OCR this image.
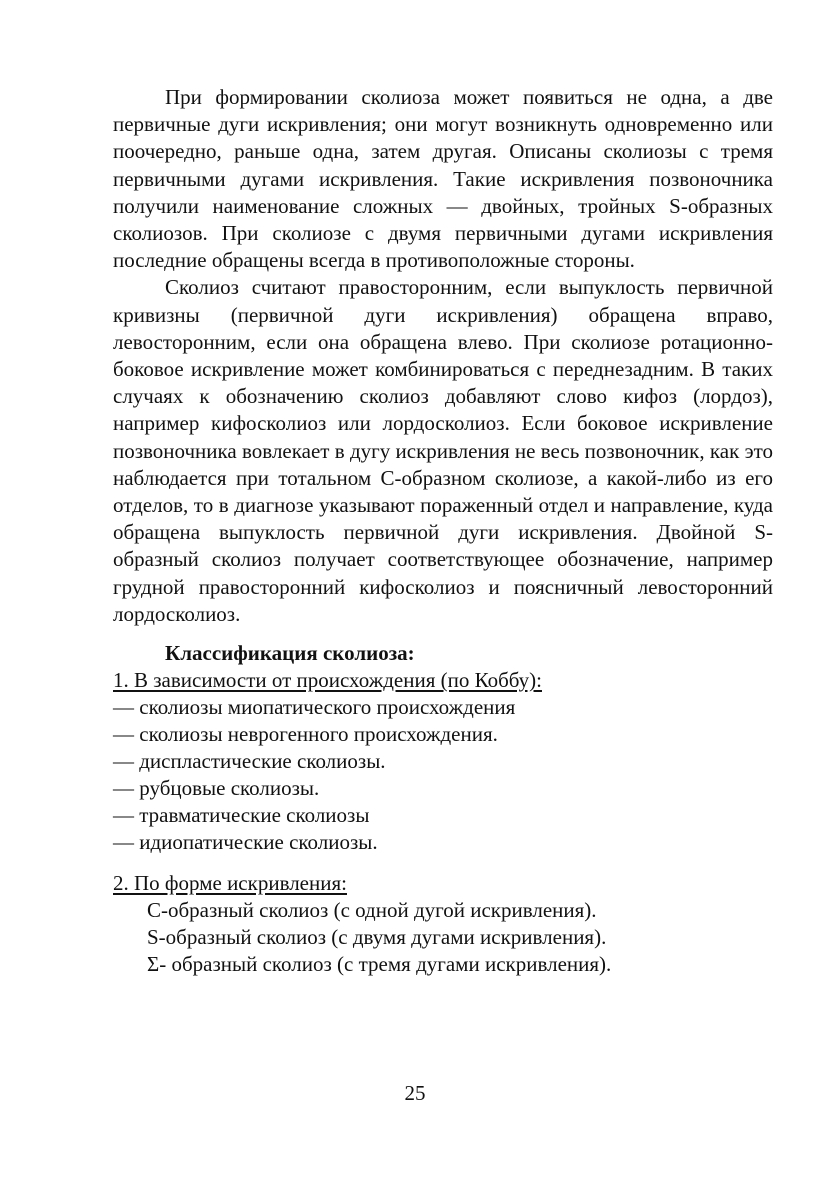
При формировании сколиоза может появиться не одна, а две первичные дуги искривления; они могут возникнуть одновременно или поочередно, раньше одна, затем другая. Описаны сколиозы с тремя первичными дугами искривления. Такие искривления позвоночника получили наименование сложных — двойных, тройных S-образных сколиозов. При сколиозе с двумя первичными дугами искривления последние обращены всегда в противоположные стороны.

Сколиоз считают правосторонним, если выпуклость первичной кривизны (первичной дуги искривления) обращена вправо, левосторонним, если она обращена влево. При сколиозе ротационно-боковое искривление может комбинироваться с переднезадним. В таких случаях к обозначению сколиоз добавляют слово кифоз (лордоз), например кифосколиоз или лордосколиоз. Если боковое искривление позвоночника вовлекает в дугу искривления не весь позвоночник, как это наблюдается при тотальном С-образном сколиозе, а какой-либо из его отделов, то в диагнозе указывают пораженный отдел и направление, куда обращена выпуклость первичной дуги искривления. Двойной S-образный сколиоз получает соответствующее обозначение, например грудной правосторонний кифосколиоз и поясничный левосторонний лордосколиоз.

Классификация сколиоза:

1. В зависимости от происхождения (по Коббу):

— сколиозы миопатического происхождения
— сколиозы неврогенного происхождения.
— диспластические сколиозы.
— рубцовые сколиозы.
— травматические сколиозы
— идиопатические сколиозы.

2. По форме искривления:

С-образный сколиоз (с одной дугой искривления).
S-образный сколиоз (с двумя дугами искривления).
Σ- образный сколиоз (с тремя дугами искривления).
25
